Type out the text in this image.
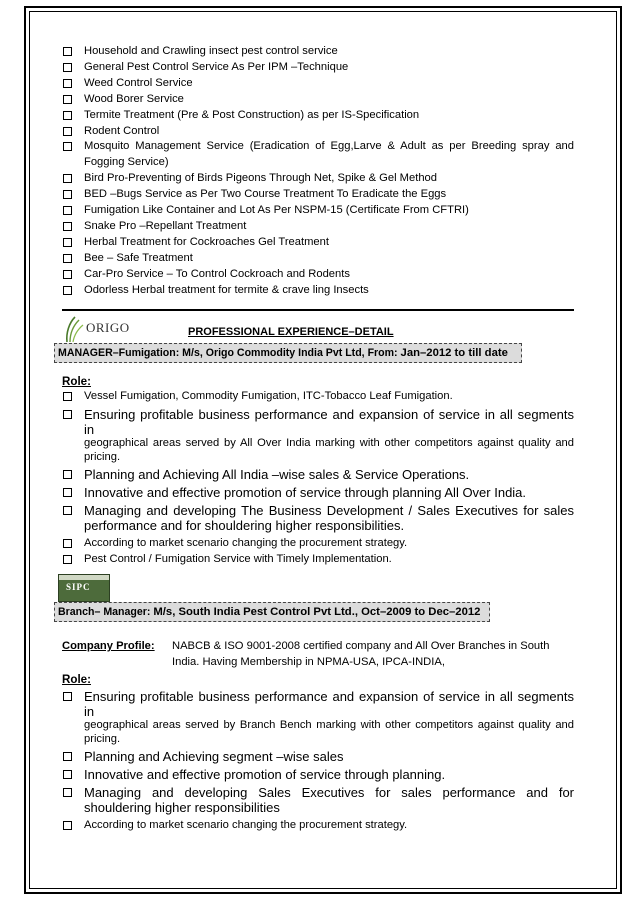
Household and Crawling insect pest control service
General Pest Control Service As Per IPM –Technique
Weed Control Service
Wood Borer Service
Termite Treatment (Pre & Post Construction) as per IS-Specification
Rodent Control
Mosquito Management Service (Eradication of Egg,Larve & Adult as per Breeding spray and Fogging Service)
Bird Pro-Preventing of Birds Pigeons Through Net, Spike & Gel Method
BED –Bugs Service as Per Two Course Treatment To Eradicate the Eggs
Fumigation Like Container and Lot As Per NSPM-15 (Certificate From CFTRI)
Snake Pro –Repellant Treatment
Herbal Treatment for Cockroaches Gel Treatment
Bee – Safe Treatment
Car-Pro Service – To Control Cockroach and Rodents
Odorless Herbal treatment for termite & crave ling Insects
ORIGO	PROFESSIONAL EXPERIENCE–DETAIL
MANAGER–Fumigation: M/s, Origo Commodity India Pvt Ltd, From: Jan–2012 to till date
Role:
Vessel Fumigation, Commodity Fumigation, ITC-Tobacco Leaf Fumigation.
Ensuring profitable business performance and expansion of service in all segments in
geographical areas served by All Over India marking with other competitors against quality and pricing.
Planning and Achieving All India –wise sales & Service Operations.
Innovative and effective promotion of service through planning All Over India.
Managing and developing The Business Development / Sales Executives for sales performance and for shouldering higher responsibilities.
According to market scenario changing the procurement strategy.
Pest Control / Fumigation Service with Timely Implementation.
SIPC
Branch– Manager: M/s, South India Pest Control Pvt Ltd., Oct–2009 to Dec–2012
Company Profile:	NABCB & ISO 9001-2008 certified company and All Over Branches in South India. Having Membership in NPMA-USA, IPCA-INDIA,
Role:
Ensuring profitable business performance and expansion of service in all segments in
geographical areas served by Branch Bench marking with other competitors against quality and pricing.
Planning and Achieving segment –wise sales
Innovative and effective promotion of service through planning.
Managing and developing Sales Executives for sales performance and for shouldering higher responsibilities
According to market scenario changing the procurement strategy.
